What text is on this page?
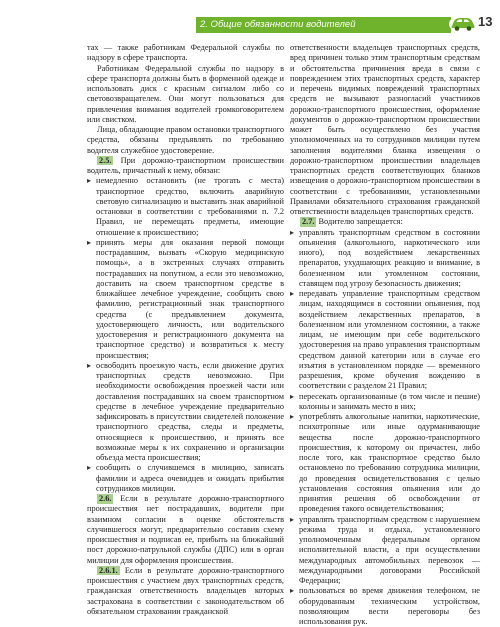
2. Общие обязанности водителей	13

тах — также работникам Федеральной службы по надзору в сфере транспорта.

Работникам Федеральной службы по надзору в сфере транспорта должны быть в форменной одежде и использовать диск с красным сигналом либо со световозвращателем. Они могут пользоваться для привлечения внимания водителей громкоговорителем или свистком.

Лица, обладающие правом остановки транспортного средства, обязаны предъявлять по требованию водителя служебное удостоверение.

2.5. При дорожно-транспортном происшествии водитель, причастный к нему, обязан:

▸ немедленно остановить (не трогать с места) транспортное средство, включить аварийную световую сигнализацию и выставить знак аварийной остановки в соответствии с требованиями п. 7.2 Правил, не перемещать предметы, имеющие отношение к происшествию;
▸ принять меры для оказания первой помощи пострадавшим, вызвать «Скорую медицинскую помощь», а в экстренных случаях отправить пострадавших на попутном, а если это невозможно, доставить на своем транспортном средстве в ближайшее лечебное учреждение, сообщить свою фамилию, регистрационный знак транспортного средства (с предъявлением документа, удостоверяющего личность, или водительского удостоверения и регистрационного документа на транспортное средство) и возвратиться к месту происшествия;
▸ освободить проезжую часть, если движение других транспортных средств невозможно. При необходимости освобождения проезжей части или доставления пострадавших на своем транспортном средстве в лечебное учреждение предварительно зафиксировать в присутствии свидетелей положение транспортного средства, следы и предметы, относящиеся к происшествию, и принять все возможные меры к их сохранению и организации объезда места происшествия;
▸ сообщить о случившемся в милицию, записать фамилии и адреса очевидцев и ожидать прибытия сотрудников милиции.

2.6. Если в результате дорожно-транспортного происшествия нет пострадавших, водители при взаимном согласии в оценке обстоятельств случившегося могут, предварительно составив схему происшествия и подписав ее, прибыть на ближайший пост дорожно-патрульной службы (ДПС) или в орган милиции для оформления происшествия.

2.6.1. Если в результате дорожно-транспортного происшествия с участием двух транспортных средств, гражданская ответственность владельцев которых застрахована в соответствии с законодательством об обязательном страховании гражданской

ответственности владельцев транспортных средств, вред причинен только этим транспортным средствам и обстоятельства причинения вреда в связи с повреждением этих транспортных средств, характер и перечень видимых повреждений транспортных средств не вызывают разногласий участников дорожно-транспортного происшествия, оформление документов о дорожно-транспортном происшествии может быть осуществлено без участия уполномоченных на то сотрудников милиции путем заполнения водителями бланка извещения о дорожно-транспортном происшествии владельцев транспортных средств соответствующих бланков извещения о дорожно-транспортном происшествии в соответствии с требованиями, установленными Правилами обязательного страхования гражданской ответственности владельцев транспортных средств.

2.7. Водителю запрещается:

▸ управлять транспортным средством в состоянии опьянения (алкогольного, наркотического или иного), под воздействием лекарственных препаратов, ухудшающих реакцию и внимание, в болезненном или утомленном состоянии, ставящем под угрозу безопасность движения;
▸ передавать управление транспортным средством лицам, находящимся в состоянии опьянения, под воздействием лекарственных препаратов, в болезненном или утомленном состоянии, а также лицам, не имеющим при себе водительского удостоверения на право управления транспортным средством данной категории или в случае его изъятия в установленном порядке — временного разрешения, кроме обучения вождению в соответствии с разделом 21 Правил;
▸ пересекать организованные (в том числе и пешие) колонны и занимать место в них;
▸ употреблять алкогольные напитки, наркотические, психотропные или иные одурманивающие вещества после дорожно-транспортного происшествия, к которому он причастен, либо после того, как транспортное средство было остановлено по требованию сотрудника милиции, до проведения освидетельствования с целью установления состояния опьянения или до принятия решения об освобождении от проведения такого освидетельствования;
▸ управлять транспортным средством с нарушением режима труда и отдыха, установленного уполномоченным федеральным органом исполнительной власти, а при осуществлении международных автомобильных перевозок — международными договорами Российской Федерации;
▸ пользоваться во время движения телефоном, не оборудованным техническим устройством, позволяющим вести переговоры без использования рук.
